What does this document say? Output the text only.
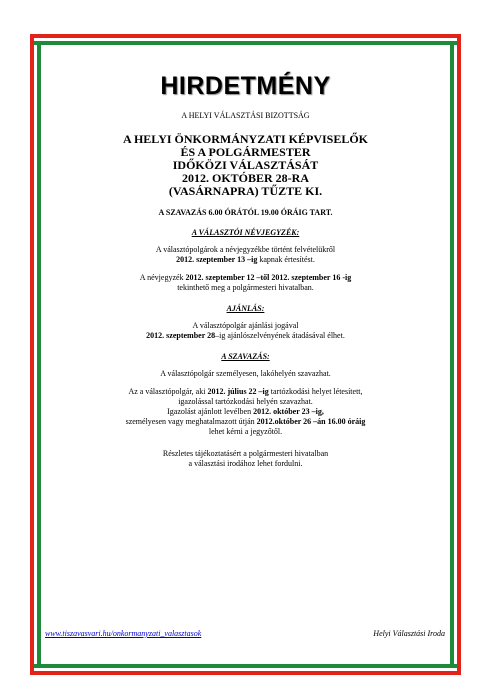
HIRDETMÉNY
A HELYI VÁLASZTÁSI BIZOTTSÁG
A HELYI ÖNKORMÁNYZATI KÉPVISELŐK
ÉS A POLGÁRMESTER
IDŐKÖZI VÁLASZTÁSÁT
2012. OKTÓBER 28-RA
(VASÁRNAPRA) TŰZTE KI.
A SZAVAZÁS 6.00 ÓRÁTÓL 19.00 ÓRÁIG TART.
A VÁLASZTÓI NÉVJEGYZÉK:
A választópolgárok a névjegyzékbe történt felvételükről
2012. szeptember 13 –ig kapnak értesítést.
A névjegyzék 2012. szeptember 12 –től 2012. szeptember 16 -ig
tekinthető meg a polgármesteri hivatalban.
AJÁNLÁS:
A választópolgár ajánlási jogával
2012. szeptember 28–ig ajánlószelvényének átadásával élhet.
A SZAVAZÁS:
A választópolgár személyesen, lakóhelyén szavazhat.
Az a választópolgár, aki 2012. július 22 –ig tartózkodási helyet létesített,
igazolással tartózkodási helyén szavazhat.
Igazolást ajánlott levélben 2012. október 23 –ig,
személyesen vagy meghatalmazott útján 2012.október 26 –án 16.00 óráig
lehet kérni a jegyzőtől.
Részletes tájékoztatásért a polgármesteri hivatalban
a választási irodához lehet fordulni.
www.tiszavasvari.hu/onkormanyzati_valasztasok	Helyi Választási Iroda
